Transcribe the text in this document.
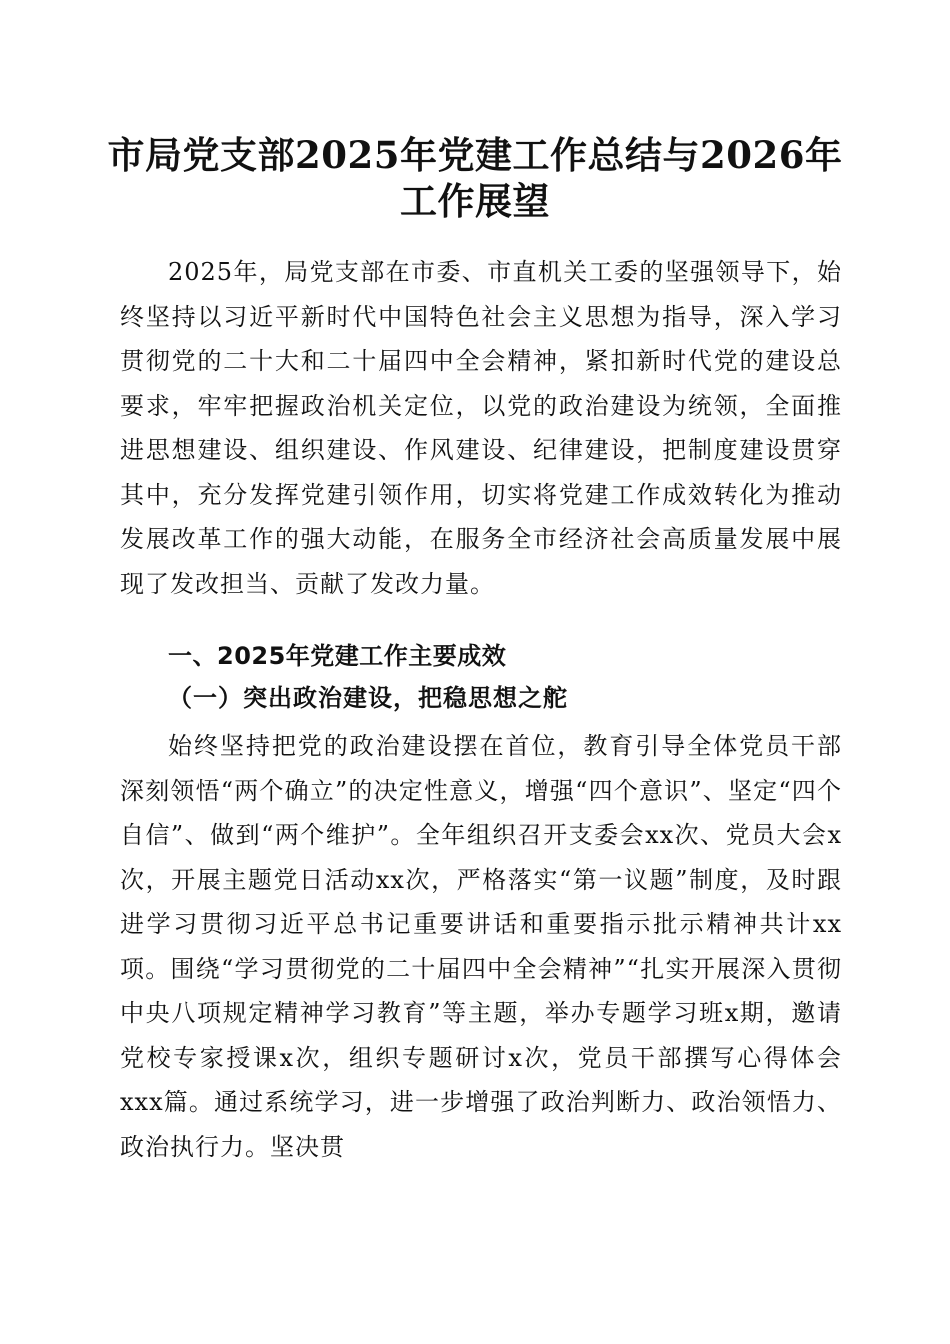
市局党支部2025年党建工作总结与2026年工作展望

2025年，局党支部在市委、市直机关工委的坚强领导下，始终坚持以习近平新时代中国特色社会主义思想为指导，深入学习贯彻党的二十大和二十届四中全会精神，紧扣新时代党的建设总要求，牢牢把握政治机关定位，以党的政治建设为统领，全面推进思想建设、组织建设、作风建设、纪律建设，把制度建设贯穿其中，充分发挥党建引领作用，切实将党建工作成效转化为推动发展改革工作的强大动能，在服务全市经济社会高质量发展中展现了发改担当、贡献了发改力量。

一、2025年党建工作主要成效
（一）突出政治建设，把稳思想之舵

始终坚持把党的政治建设摆在首位，教育引导全体党员干部深刻领悟“两个确立”的决定性意义，增强“四个意识”、坚定“四个自信”、做到“两个维护”。全年组织召开支委会xx次、党员大会x次，开展主题党日活动xx次，严格落实“第一议题”制度，及时跟进学习贯彻习近平总书记重要讲话和重要指示批示精神共计xx项。围绕“学习贯彻党的二十届四中全会精神”“扎实开展深入贯彻中央八项规定精神学习教育”等主题，举办专题学习班x期，邀请党校专家授课x次，组织专题研讨x次，党员干部撰写心得体会xxx篇。通过系统学习，进一步增强了政治判断力、政治领悟力、政治执行力。坚决贯
